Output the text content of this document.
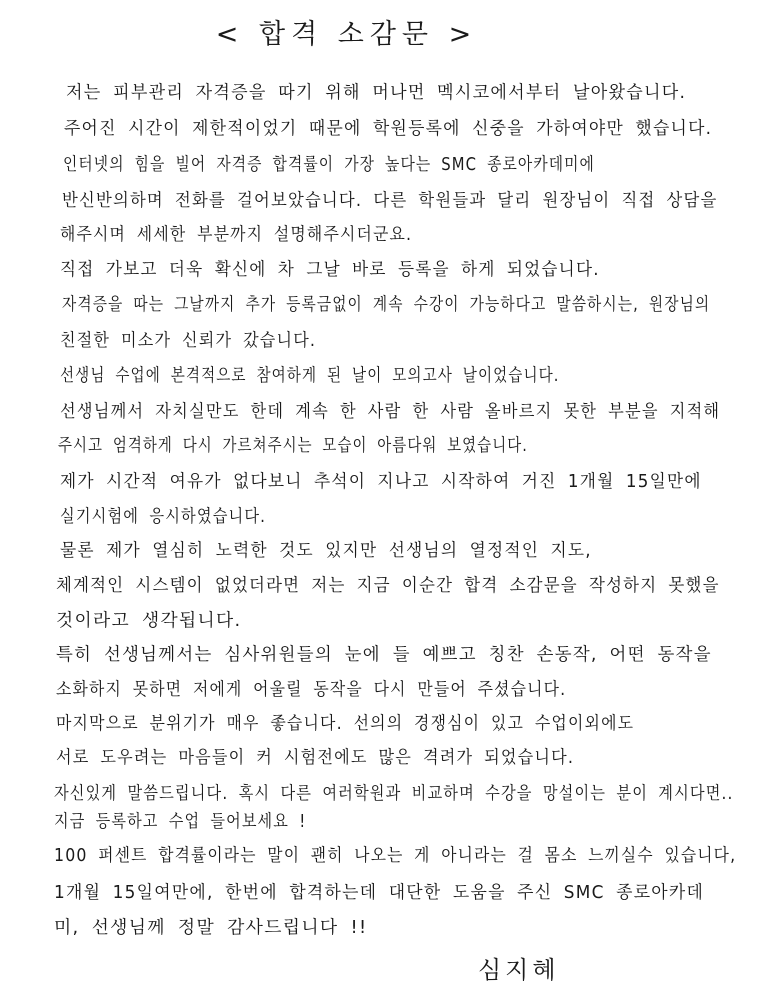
< 합격 소감문 >
저는 피부관리 자격증을 따기 위해 머나먼 멕시코에서부터 날아왔습니다.
주어진 시간이 제한적이었기 때문에 학원등록에 신중을 가하여야만 했습니다.
인터넷의 힘을 빌어 자격증 합격률이 가장 높다는 SMC 종로아카데미에
반신반의하며 전화를 걸어보았습니다. 다른 학원들과 달리 원장님이 직접 상담을
해주시며 세세한 부분까지 설명해주시더군요.
직접 가보고 더욱 확신에 차 그날 바로 등록을 하게 되었습니다.
자격증을 따는 그날까지 추가 등록금없이 계속 수강이 가능하다고 말씀하시는, 원장님의
친절한 미소가 신뢰가 갔습니다.
선생님 수업에 본격적으로 참여하게 된 날이 모의고사 날이었습니다.
선생님께서 자치실만도 한데 계속 한 사람 한 사람 올바르지 못한 부분을 지적해
주시고 엄격하게 다시 가르쳐주시는 모습이 아름다워 보였습니다.
제가 시간적 여유가 없다보니 추석이 지나고 시작하여 거진 1개월 15일만에
실기시험에 응시하였습니다.
물론 제가 열심히 노력한 것도 있지만 선생님의 열정적인 지도,
체계적인 시스템이 없었더라면 저는 지금 이순간 합격 소감문을 작성하지 못했을
것이라고 생각됩니다.
특히 선생님께서는 심사위원들의 눈에 들 예쁘고 칭찬 손동작, 어떤 동작을
소화하지 못하면 저에게 어울릴 동작을 다시 만들어 주셨습니다.
마지막으로 분위기가 매우 좋습니다. 선의의 경쟁심이 있고 수업이외에도
서로 도우려는 마음들이 커 시험전에도 많은 격려가 되었습니다.
자신있게 말씀드립니다. 혹시 다른 여러학원과 비교하며 수강을 망설이는 분이 계시다면..
지금 등록하고 수업 들어보세요 !
100 퍼센트 합격률이라는 말이 괜히 나오는 게 아니라는 걸 몸소 느끼실수 있습니다,
1개월 15일여만에, 한번에 합격하는데 대단한 도움을 주신 SMC 종로아카데
미, 선생님께 정말 감사드립니다 !!
심지혜
